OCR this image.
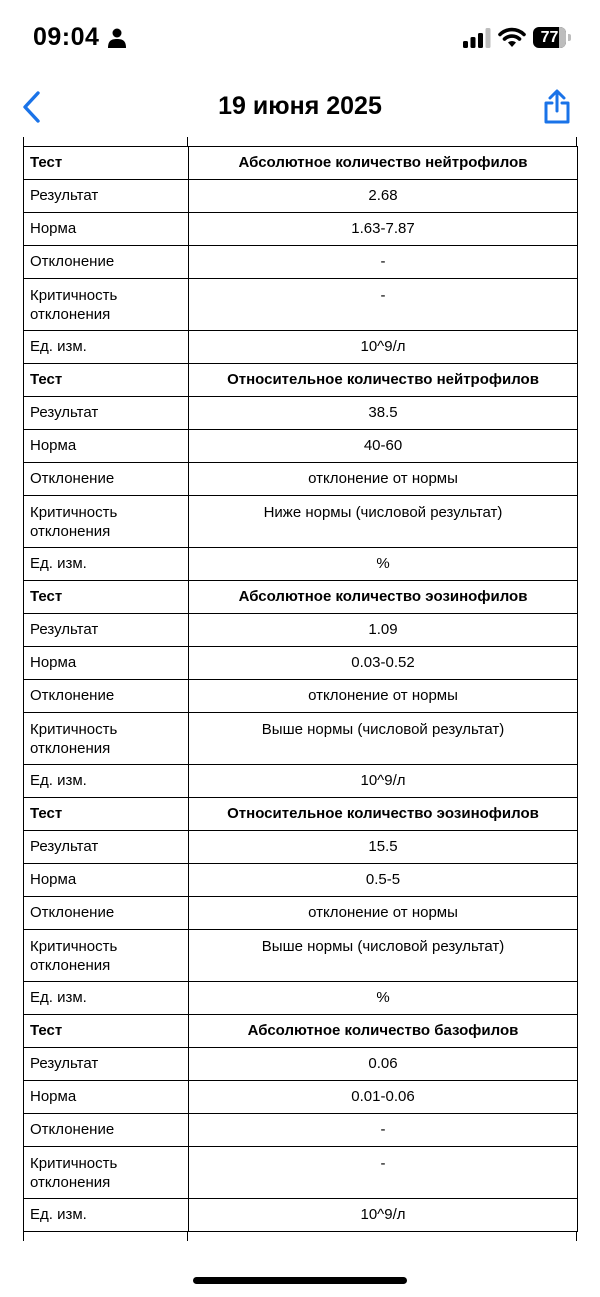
09:04	77
19 июня 2025
Тест	Абсолютное количество нейтрофилов
Результат	2.68
Норма	1.63-7.87
Отклонение	-
Критичность отклонения	-
Ед. изм.	10^9/л
Тест	Относительное количество нейтрофилов
Результат	38.5
Норма	40-60
Отклонение	отклонение от нормы
Критичность отклонения	Ниже нормы (числовой результат)
Ед. изм.	%
Тест	Абсолютное количество эозинофилов
Результат	1.09
Норма	0.03-0.52
Отклонение	отклонение от нормы
Критичность отклонения	Выше нормы (числовой результат)
Ед. изм.	10^9/л
Тест	Относительное количество эозинофилов
Результат	15.5
Норма	0.5-5
Отклонение	отклонение от нормы
Критичность отклонения	Выше нормы (числовой результат)
Ед. изм.	%
Тест	Абсолютное количество базофилов
Результат	0.06
Норма	0.01-0.06
Отклонение	-
Критичность отклонения	-
Ед. изм.	10^9/л
